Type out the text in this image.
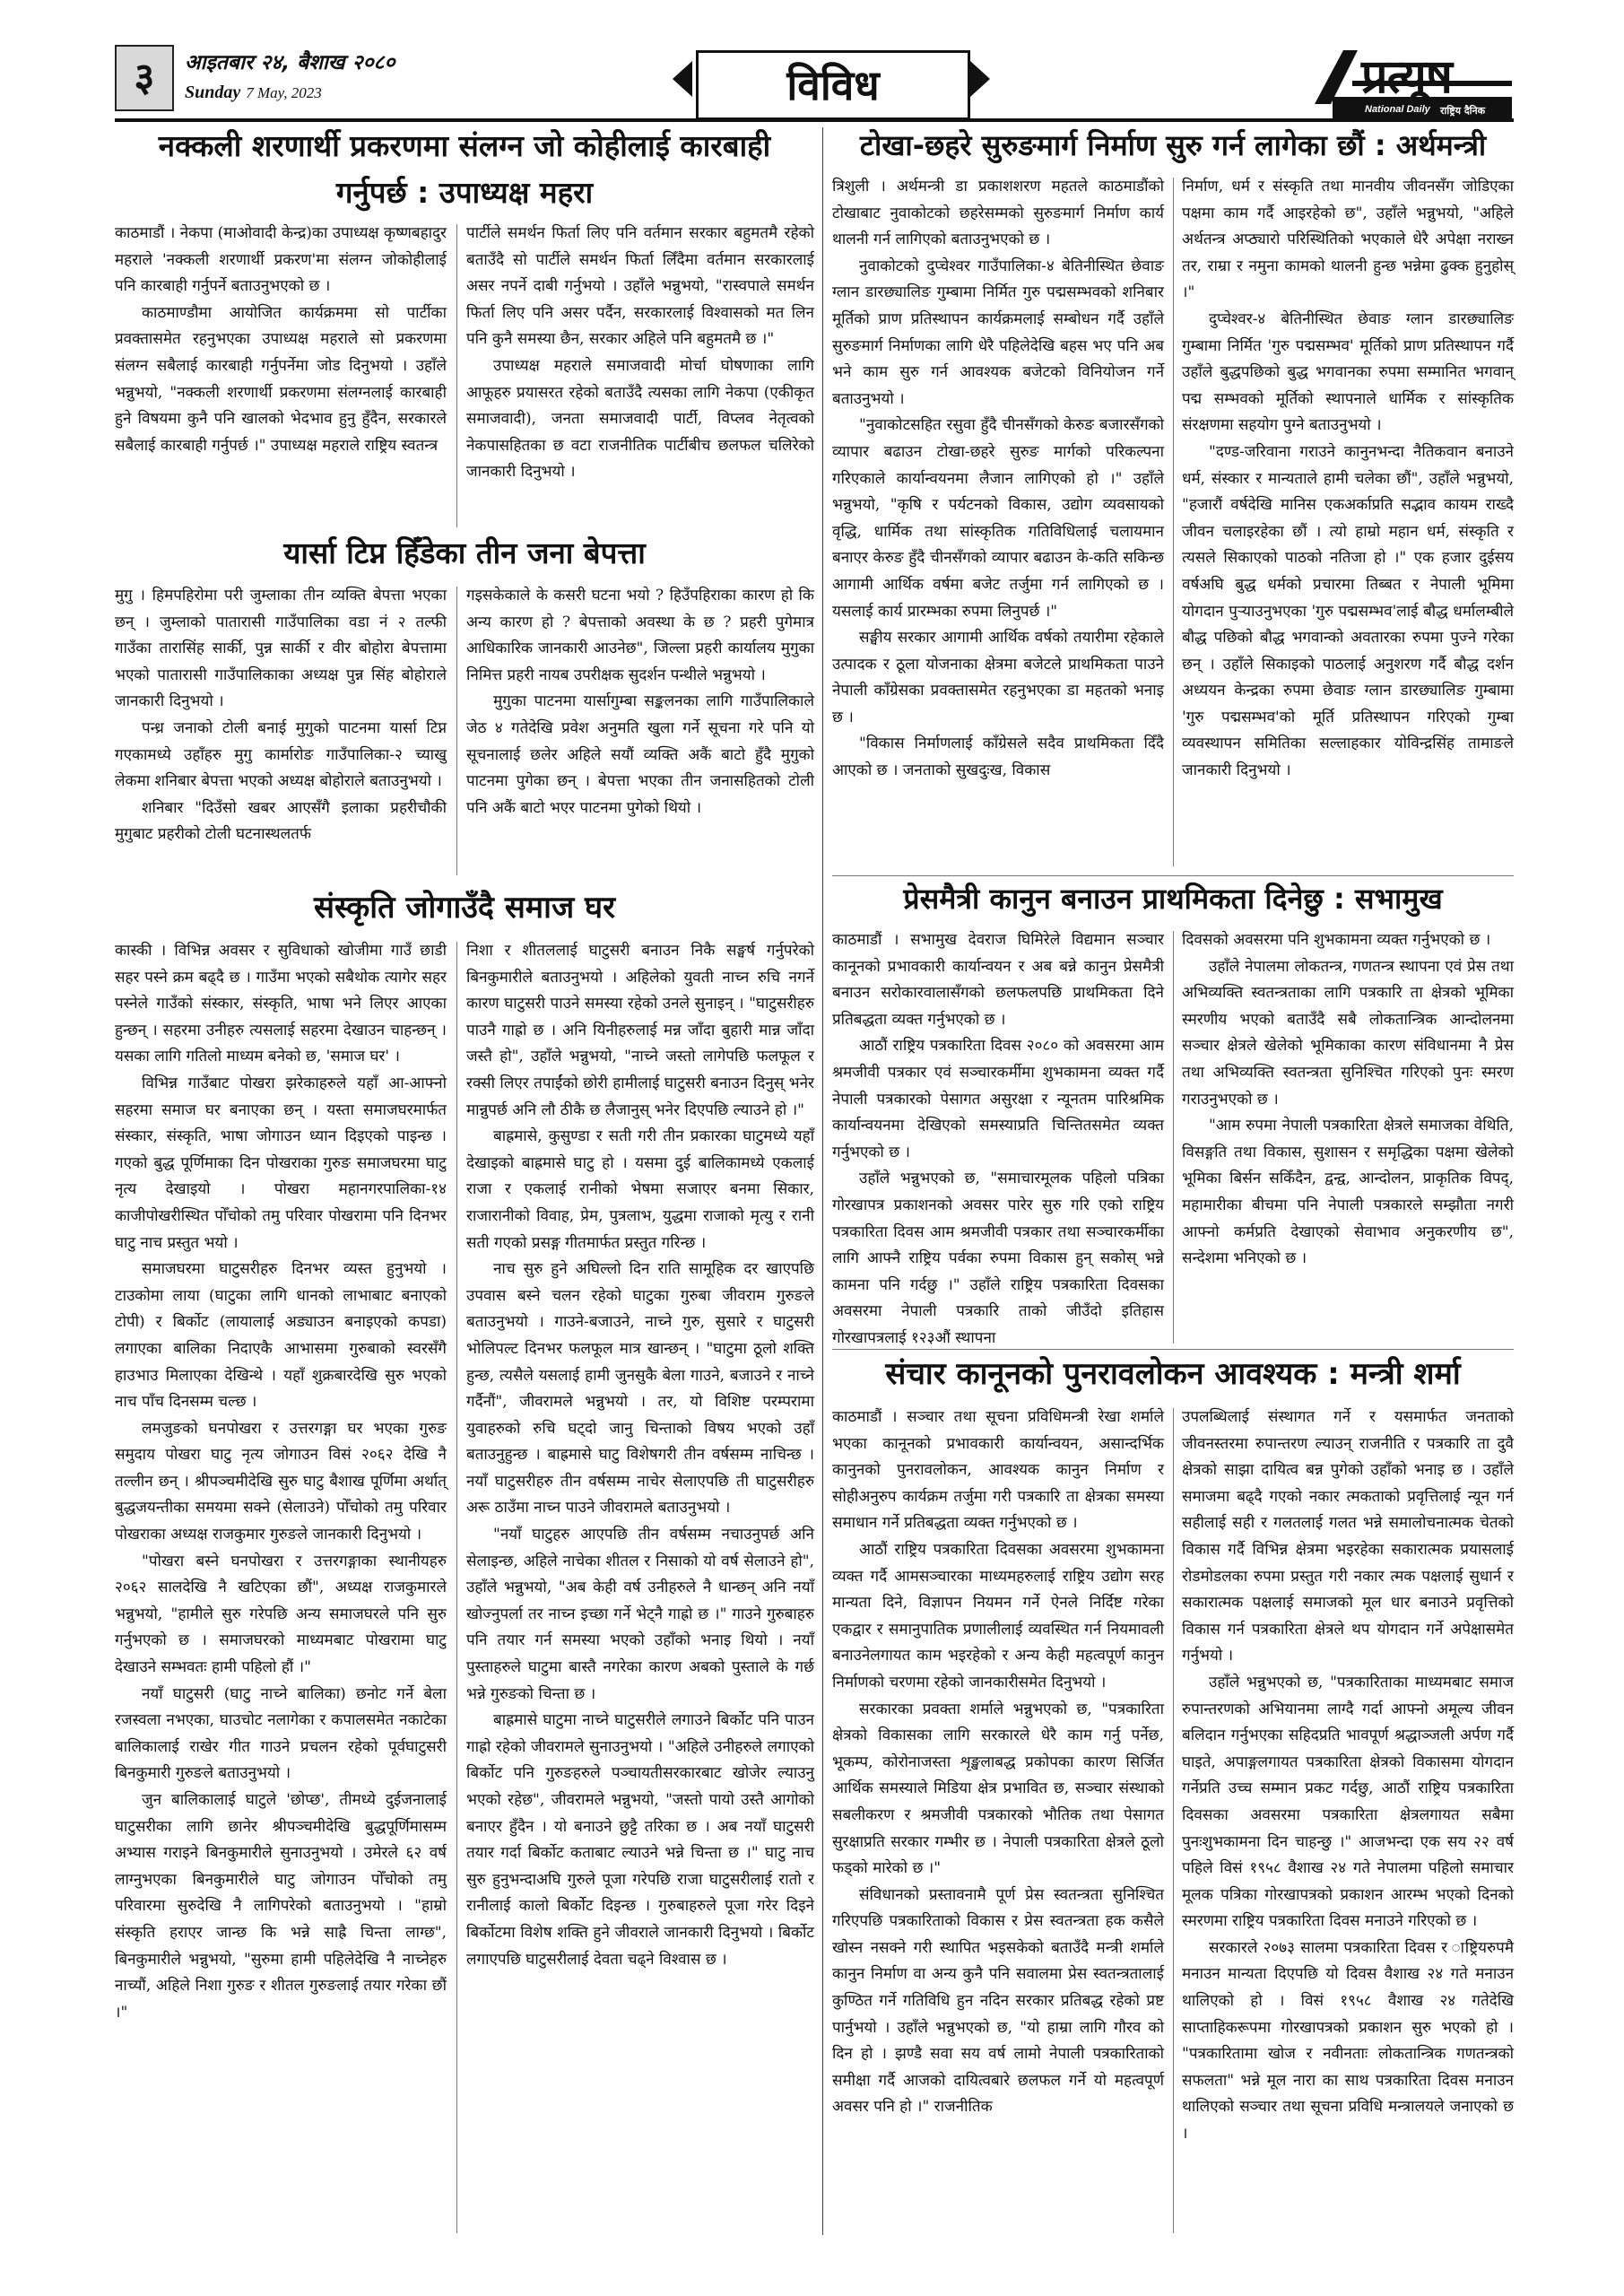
३	आइतबार २४, बैशाख २०८०
Sunday 7 May, 2023	विविध	प्रत्यूष
National Daily राष्ट्रिय दैनिक
नक्कली शरणार्थी प्रकरणमा संलग्न जो कोहीलाई कारबाही
गर्नुपर्छ : उपाध्यक्ष महरा

काठमाडौं । नेकपा (माओवादी केन्द्र)का उपाध्यक्ष कृष्णबहादुर महराले 'नक्कली शरणार्थी प्रकरण'मा संलग्न जोकोहीलाई पनि कारबाही गर्नुपर्ने बताउनुभएको छ ।

काठमाण्डौमा आयोजित कार्यक्रममा सो पार्टीका प्रवक्तासमेत रहनुभएका उपाध्यक्ष महराले सो प्रकरणमा संलग्न सबैलाई कारबाही गर्नुपर्नेमा जोड दिनुभयो । उहाँले भन्नुभयो, "नक्कली शरणार्थी प्रकरणमा संलग्नलाई कारबाही हुने विषयमा कुनै पनि खालको भेदभाव हुनु हुँदैन, सरकारले सबैलाई कारबाही गर्नुपर्छ ।" उपाध्यक्ष महराले राष्ट्रिय स्वतन्त्र

पार्टीले समर्थन फिर्ता लिए पनि वर्तमान सरकार बहुमतमै रहेको बताउँदै सो पार्टीले समर्थन फिर्ता लिँदैमा वर्तमान सरकारलाई असर नपर्ने दाबी गर्नुभयो । उहाँले भन्नुभयो, "रास्वपाले समर्थन फिर्ता लिए पनि असर पर्दैन, सरकारलाई विश्वासको मत लिन पनि कुनै समस्या छैन, सरकार अहिले पनि बहुमतमै छ ।"

उपाध्यक्ष महराले समाजवादी मोर्चा घोषणाका लागि आफूहरु प्रयासरत रहेको बताउँदै त्यसका लागि नेकपा (एकीकृत समाजवादी), जनता समाजवादी पार्टी, विप्लव नेतृत्वको नेकपासहितका छ वटा राजनीतिक पार्टीबीच छलफल चलिरेको जानकारी दिनुभयो ।

यार्सा टिप्न हिँडेका तीन जना बेपत्ता

मुगु । हिमपहिरोमा परी जुम्लाका तीन व्यक्ति बेपत्ता भएका छन् । जुम्लाको पातारासी गाउँपालिका वडा नं २ तल्फी गाउँका तारासिंह सार्की, पुन्न सार्की र वीर बोहोरा बेपत्तामा भएको पातारासी गाउँपालिकाका अध्यक्ष पुन्न सिंह बोहोराले जानकारी दिनुभयो ।

पन्ध्र जनाको टोली बनाई मुगुको पाटनमा यार्सा टिप्न गएकामध्ये उहाँहरु मुगु कार्मारोङ गाउँपालिका-२ च्याखु लेकमा शनिबार बेपत्ता भएको अध्यक्ष बोहोराले बताउनुभयो ।

शनिबार "दिउँसो खबर आएसँगै इलाका प्रहरीचौकी मुगुबाट प्रहरीको टोली घटनास्थलतर्फ

गइसकेकाले के कसरी घटना भयो ? हिउँपहिराका कारण हो कि अन्य कारण हो ? बेपत्ताको अवस्था के छ ? प्रहरी पुगेमात्र आधिकारिक जानकारी आउनेछ", जिल्ला प्रहरी कार्यालय मुगुका निमित्त प्रहरी नायब उपरीक्षक सुदर्शन पन्थीले भन्नुभयो ।

मुगुका पाटनमा यार्सागुम्बा सङ्कलनका लागि गाउँपालिकाले जेठ ४ गतेदेखि प्रवेश अनुमति खुला गर्ने सूचना गरे पनि यो सूचनालाई छलेर अहिले सयौं व्यक्ति अकैं बाटो हुँदै मुगुको पाटनमा पुगेका छन् । बेपत्ता भएका तीन जनासहितको टोली पनि अकैं बाटो भएर पाटनमा पुगेको थियो ।

संस्कृति जोगाउँदै समाज घर

कास्की । विभिन्न अवसर र सुविधाको खोजीमा गाउँ छाडी सहर पस्ने क्रम बढ्दै छ । गाउँमा भएको सबैथोक त्यागेर सहर पस्नेले गाउँको संस्कार, संस्कृति, भाषा भने लिएर आएका हुन्छन् । सहरमा उनीहरु त्यसलाई सहरमा देखाउन चाहन्छन् । यसका लागि गतिलो माध्यम बनेको छ, 'समाज घर' ।

विभिन्न गाउँबाट पोखरा झरेकाहरुले यहाँ आ-आफ्नो सहरमा समाज घर बनाएका छन् । यस्ता समाजघरमार्फत संस्कार, संस्कृति, भाषा जोगाउन ध्यान दिइएको पाइन्छ । गएको बुद्ध पूर्णिमाका दिन पोखराका गुरुङ समाजघरमा घाटु नृत्य देखाइयो । पोखरा महानगरपालिका-१४ काजीपोखरीस्थित पोँचोको तमु परिवार पोखरामा पनि दिनभर घाटु नाच प्रस्तुत भयो ।

समाजघरमा घाटुसरीहरु दिनभर व्यस्त हुनुभयो । टाउकोमा लाया (घाटुका लागि धानको लाभाबाट बनाएको टोपी) र बिर्कोट (लायालाई अड्याउन बनाइएको कपडा) लगाएका बालिका निदाएकै आभासमा गुरुबाको स्वरसँगै हाउभाउ मिलाएका देखिन्थे । यहाँ शुक्रबारदेखि सुरु भएको नाच पाँच दिनसम्म चल्छ ।

लमजुङको घनपोखरा र उत्तरगङ्गा घर भएका गुरुङ समुदाय पोखरा घाटु नृत्य जोगाउन विसं २०६२ देखि नै तल्लीन छन् । श्रीपञ्चमीदेखि सुरु घाटु बैशाख पूर्णिमा अर्थात् बुद्धजयन्तीका समयमा सक्ने (सेलाउने) पोँचोको तमु परिवार पोखराका अध्यक्ष राजकुमार गुरुङले जानकारी दिनुभयो ।

"पोखरा बस्ने घनपोखरा र उत्तरगङ्गाका स्थानीयहरु २०६२ सालदेखि नै खटिएका छौं", अध्यक्ष राजकुमारले भन्नुभयो, "हामीले सुरु गरेपछि अन्य समाजघरले पनि सुरु गर्नुभएको छ । समाजघरको माध्यमबाट पोखरामा घाटु देखाउने सम्भवतः हामी पहिलो हौं ।"

नयाँ घाटुसरी (घाटु नाच्ने बालिका) छनोट गर्ने बेला रजस्वला नभएका, घाउचोट नलागेका र कपालसमेत नकाटेका बालिकालाई राखेर गीत गाउने प्रचलन रहेको पूर्वघाटुसरी बिनकुमारी गुरुङले बताउनुभयो ।

जुन बालिकालाई घाटुले 'छोप्छ', तीमध्ये दुईजनालाई घाटुसरीका लागि छानेर श्रीपञ्चमीदेखि बुद्धपूर्णिमासम्म अभ्यास गराइने बिनकुमारीले सुनाउनुभयो । उमेरले ६२ वर्ष लाग्नुभएका बिनकुमारीले घाटु जोगाउन पोँचोको तमु परिवारमा सुरुदेखि नै लागिपरेको बताउनुभयो । "हाम्रो संस्कृति हराएर जान्छ कि भन्ने साह्रै चिन्ता लाग्छ", बिनकुमारीले भन्नुभयो, "सुरुमा हामी पहिलेदेखि नै नाच्नेहरु नाच्यौं, अहिले निशा गुरुङ र शीतल गुरुङलाई तयार गरेका छौं ।"

निशा र शीतललाई घाटुसरी बनाउन निकै सङ्घर्ष गर्नुपरेको बिनकुमारीले बताउनुभयो । अहिलेको युवती नाच्न रुचि नगर्ने कारण घाटुसरी पाउने समस्या रहेको उनले सुनाइन् । "घाटुसरीहरु पाउनै गाह्रो छ । अनि यिनीहरुलाई मन्न जाँदा बुहारी मान्न जाँदा जस्तै हो", उहाँले भन्नुभयो, "नाच्ने जस्तो लागेपछि फलफूल र रक्सी लिएर तपाईंको छोरी हामीलाई घाटुसरी बनाउन दिनुस् भनेर मान्नुपर्छ अनि लौ ठीकै छ लैजानुस् भनेर दिएपछि ल्याउने हो ।"

बाह्रमासे, कुसुण्डा र सती गरी तीन प्रकारका घाटुमध्ये यहाँ देखाइको बाह्रमासे घाटु हो । यसमा दुई बालिकामध्ये एकलाई राजा र एकलाई रानीको भेषमा सजाएर बनमा सिकार, राजारानीको विवाह, प्रेम, पुत्रलाभ, युद्धमा राजाको मृत्यु र रानी सती गएको प्रसङ्ग गीतमार्फत प्रस्तुत गरिन्छ ।

नाच सुरु हुने अघिल्लो दिन राति सामूहिक दर खाएपछि उपवास बस्ने चलन रहेको घाटुका गुरुबा जीवराम गुरुङले बताउनुभयो । गाउने-बजाउने, नाच्ने गुरु, सुसारे र घाटुसरी भोलिपल्ट दिनभर फलफूल मात्र खान्छन् । "घाटुमा ठूलो शक्ति हुन्छ, त्यसैले यसलाई हामी जुनसुकै बेला गाउने, बजाउने र नाच्ने गर्दैनौं", जीवरामले भन्नुभयो । तर, यो विशिष्ट परम्परामा युवाहरुको रुचि घट्दो जानु चिन्ताको विषय भएको उहाँ बताउनुहुन्छ । बाह्रमासे घाटु विशेषगरी तीन वर्षसम्म नाचिन्छ । नयाँ घाटुसरीहरु तीन वर्षसम्म नाचेर सेलाएपछि ती घाटुसरीहरु अरू ठाउँमा नाच्न पाउने जीवरामले बताउनुभयो ।

"नयाँ घाटुहरु आएपछि तीन वर्षसम्म नचाउनुपर्छ अनि सेलाइन्छ, अहिले नाचेका शीतल र निसाको यो वर्ष सेलाउने हो", उहाँले भन्नुभयो, "अब केही वर्ष उनीहरुले नै धान्छन् अनि नयाँ खोज्नुपर्ला तर नाच्न इच्छा गर्ने भेट्नै गाह्रो छ ।" गाउने गुरुबाहरु पनि तयार गर्न समस्या भएको उहाँको भनाइ थियो । नयाँ पुस्ताहरुले घाटुमा बास्तै नगरेका कारण अबको पुस्ताले के गर्छ भन्ने गुरुङको चिन्ता छ ।

बाह्रमासे घाटुमा नाच्ने घाटुसरीले लगाउने बिर्कोट पनि पाउन गाह्रो रहेको जीवरामले सुनाउनुभयो । "अहिले उनीहरुले लगाएको बिर्कोट पनि गुरुङहरुले पञ्चायतीसरकारबाट खोजेर ल्याउनु भएको रहेछ", जीवरामले भन्नुभयो, "जस्तो पायो उस्तै आगोको बनाएर हुँदैन । यो बनाउने छुट्टै तरिका छ । अब नयाँ घाटुसरी तयार गर्दा बिर्कोट कताबाट ल्याउने भन्ने चिन्ता छ ।" घाटु नाच सुरु हुनुभन्दाअघि गुरुले पूजा गरेपछि राजा घाटुसरीलाई रातो र रानीलाई कालो बिर्कोट दिइन्छ । गुरुबाहरुले पूजा गरेर दिइने बिर्कोटमा विशेष शक्ति हुने जीवराले जानकारी दिनुभयो । बिर्कोट लगाएपछि घाटुसरीलाई देवता चढ्ने विश्वास छ ।

टोखा-छहरे सुरुङमार्ग निर्माण सुरु गर्न लागेका छौं : अर्थमन्त्री

त्रिशुली । अर्थमन्त्री डा प्रकाशशरण महतले काठमाडौंको टोखाबाट नुवाकोटको छहरेसम्मको सुरुङमार्ग निर्माण कार्य थालनी गर्न लागिएको बताउनुभएको छ ।

नुवाकोटको दुप्चेश्वर गाउँपालिका-४ बेतिनीस्थित छेवाङ ग्लान डारछ्यालिङ गुम्बामा निर्मित गुरु पद्मसम्भवको शनिबार मूर्तिको प्राण प्रतिस्थापन कार्यक्रमलाई सम्बोधन गर्दै उहाँले सुरुङमार्ग निर्माणका लागि धेरै पहिलेदेखि बहस भए पनि अब भने काम सुरु गर्न आवश्यक बजेटको विनियोजन गर्ने बताउनुभयो ।

"नुवाकोटसहित रसुवा हुँदै चीनसँगको केरुङ बजारसँगको व्यापार बढाउन टोखा-छहरे सुरुङ मार्गको परिकल्पना गरिएकाले कार्यान्वयनमा लैजान लागिएको हो ।" उहाँले भन्नुभयो, "कृषि र पर्यटनको विकास, उद्योग व्यवसायको वृद्धि, धार्मिक तथा सांस्कृतिक गतिविधिलाई चलायमान बनाएर केरुङ हुँदै चीनसँगको व्यापार बढाउन के-कति सकिन्छ आगामी आर्थिक वर्षमा बजेट तर्जुमा गर्न लागिएको छ । यसलाई कार्य प्रारम्भका रुपमा लिनुपर्छ ।"

सङ्घीय सरकार आगामी आर्थिक वर्षको तयारीमा रहेकाले उत्पादक र ठूला योजनाका क्षेत्रमा बजेटले प्राथमिकता पाउने नेपाली काँग्रेसका प्रवक्तासमेत रहनुभएका डा महतको भनाइ छ ।

"विकास निर्माणलाई काँग्रेसले सदैव प्राथमिकता दिँदै आएको छ । जनताको सुखदुःख, विकास

निर्माण, धर्म र संस्कृति तथा मानवीय जीवनसँग जोडिएका पक्षमा काम गर्दै आइरहेको छ", उहाँले भन्नुभयो, "अहिले अर्थतन्त्र अप्ठ्यारो परिस्थितिको भएकाले धेरै अपेक्षा नराख्न तर, राम्रा र नमुना कामको थालनी हुन्छ भन्नेमा ढुक्क हुनुहोस् ।"

दुप्चेश्वर-४ बेतिनीस्थित छेवाङ ग्लान डारछ्यालिङ गुम्बामा निर्मित 'गुरु पद्मसम्भव' मूर्तिको प्राण प्रतिस्थापन गर्दै उहाँले बुद्धपछिको बुद्ध भगवानका रुपमा सम्मानित भगवान् पद्म सम्भवको मूर्तिको स्थापनाले धार्मिक र सांस्कृतिक संरक्षणमा सहयोग पुग्ने बताउनुभयो ।

"दण्ड-जरिवाना गराउने कानुनभन्दा नैतिकवान बनाउने धर्म, संस्कार र मान्यताले हामी चलेका छौं", उहाँले भन्नुभयो, "हजारौं वर्षदेखि मानिस एकअर्काप्रति सद्भाव कायम राख्दै जीवन चलाइरहेका छौं । त्यो हाम्रो महान धर्म, संस्कृति र त्यसले सिकाएको पाठको नतिजा हो ।" एक हजार दुईसय वर्षअघि बुद्ध धर्मको प्रचारमा तिब्बत र नेपाली भूमिमा योगदान पुऱ्याउनुभएका 'गुरु पद्मसम्भव'लाई बौद्ध धर्मालम्बीले बौद्ध पछिको बौद्ध भगवान्को अवतारका रुपमा पुज्ने गरेका छन् । उहाँले सिकाइको पाठलाई अनुशरण गर्दै बौद्ध दर्शन अध्ययन केन्द्रका रुपमा छेवाङ ग्लान डारछ्यालिङ गुम्बामा 'गुरु पद्मसम्भव'को मूर्ति प्रतिस्थापन गरिएको गुम्बा व्यवस्थापन समितिका सल्लाहकार योविन्द्रसिंह तामाङले जानकारी दिनुभयो ।

प्रेसमैत्री कानुन बनाउन प्राथमिकता दिनेछु : सभामुख

काठमाडौं । सभामुख देवराज घिमिरेले विद्यमान सञ्चार कानूनको प्रभावकारी कार्यान्वयन र अब बन्ने कानुन प्रेसमैत्री बनाउन सरोकारवालासँगको छलफलपछि प्राथमिकता दिने प्रतिबद्धता व्यक्त गर्नुभएको छ ।

आठौं राष्ट्रिय पत्रकारिता दिवस २०८० को अवसरमा आम श्रमजीवी पत्रकार एवं सञ्चारकर्मीमा शुभकामना व्यक्त गर्दै नेपाली पत्रकारको पेसागत असुरक्षा र न्यूनतम पारिश्रमिक कार्यान्वयनमा देखिएको समस्याप्रति चिन्तितसमेत व्यक्त गर्नुभएको छ ।

उहाँले भन्नुभएको छ, "समाचारमूलक पहिलो पत्रिका गोरखापत्र प्रकाशनको अवसर पारेर सुरु गरि एको राष्ट्रिय पत्रकारिता दिवस आम श्रमजीवी पत्रकार तथा सञ्चारकर्मीका लागि आफ्नै राष्ट्रिय पर्वका रुपमा विकास हुन् सकोस् भन्ने कामना पनि गर्दछु ।" उहाँले राष्ट्रिय पत्रकारिता दिवसका अवसरमा नेपाली पत्रकारि ताको जीउँदो इतिहास गोरखापत्रलाई १२३औं स्थापना

दिवसको अवसरमा पनि शुभकामना व्यक्त गर्नुभएको छ ।

उहाँले नेपालमा लोकतन्त्र, गणतन्त्र स्थापना एवं प्रेस तथा अभिव्यक्ति स्वतन्त्रताका लागि पत्रकारि ता क्षेत्रको भूमिका स्मरणीय भएको बताउँदै सबै लोकतान्त्रिक आन्दोलनमा सञ्चार क्षेत्रले खेलेको भूमिकाका कारण संविधानमा नै प्रेस तथा अभिव्यक्ति स्वतन्त्रता सुनिश्चित गरिएको पुनः स्मरण गराउनुभएको छ ।

"आम रुपमा नेपाली पत्रकारिता क्षेत्रले समाजका वेथिति, विसङ्गति तथा विकास, सुशासन र समृद्धिका पक्षमा खेलेको भूमिका बिर्सन सकिँदैन, द्वन्द्व, आन्दोलन, प्राकृतिक विपद्, महामारीका बीचमा पनि नेपाली पत्रकारले सम्झौता नगरी आफ्नो कर्मप्रति देखाएको सेवाभाव अनुकरणीय छ", सन्देशमा भनिएको छ ।

संचार कानूनको पुनरावलोकन आवश्यक : मन्त्री शर्मा

काठमाडौं । सञ्चार तथा सूचना प्रविधिमन्त्री रेखा शर्माले भएका कानूनको प्रभावकारी कार्यान्वयन, असान्दर्भिक कानुनको पुनरावलोकन, आवश्यक कानुन निर्माण र सोहीअनुरुप कार्यक्रम तर्जुमा गरी पत्रकारि ता क्षेत्रका समस्या समाधान गर्ने प्रतिबद्धता व्यक्त गर्नुभएको छ ।

आठौं राष्ट्रिय पत्रकारिता दिवसका अवसरमा शुभकामना व्यक्त गर्दै आमसञ्चारका माध्यमहरुलाई राष्ट्रिय उद्योग सरह मान्यता दिने, विज्ञापन नियमन गर्ने ऐनले निर्दिष्ट गरेका एकद्वार र समानुपातिक प्रणालीलाई व्यवस्थित गर्न नियमावली बनाउनेलगायत काम भइरहेको र अन्य केही महत्वपूर्ण कानुन निर्माणको चरणमा रहेको जानकारीसमेत दिनुभयो ।

सरकारका प्रवक्ता शर्माले भन्नुभएको छ, "पत्रकारिता क्षेत्रको विकासका लागि सरकारले धेरै काम गर्नु पर्नेछ, भूकम्प, कोरोनाजस्ता शृङ्खलाबद्ध प्रकोपका कारण सिर्जित आर्थिक समस्याले मिडिया क्षेत्र प्रभावित छ, सञ्चार संस्थाको सबलीकरण र श्रमजीवी पत्रकारको भौतिक तथा पेसागत सुरक्षाप्रति सरकार गम्भीर छ । नेपाली पत्रकारिता क्षेत्रले ठूलो फड्को मारेको छ ।"

संविधानको प्रस्तावनामै पूर्ण प्रेस स्वतन्त्रता सुनिश्चित गरिएपछि पत्रकारिताको विकास र प्रेस स्वतन्त्रता हक कसैले खोस्न नसक्ने गरी स्थापित भइसकेको बताउँदै मन्त्री शर्माले कानुन निर्माण वा अन्य कुनै पनि सवालमा प्रेस स्वतन्त्रतालाई कुण्ठित गर्ने गतिविधि हुन नदिन सरकार प्रतिबद्ध रहेको प्रष्ट पार्नुभयो । उहाँले भन्नुभएको छ, "यो हाम्रा लागि गौरव को दिन हो । झण्डै सवा सय वर्ष लामो नेपाली पत्रकारिताको समीक्षा गर्दै आजको दायित्वबारे छलफल गर्ने यो महत्वपूर्ण अवसर पनि हो ।" राजनीतिक

उपलब्धिलाई संस्थागत गर्ने र यसमार्फत जनताको जीवनस्तरमा रुपान्तरण ल्याउन् राजनीति र पत्रकारि ता दुवै क्षेत्रको साझा दायित्व बन्न पुगेको उहाँको भनाइ छ । उहाँले समाजमा बढ्दै गएको नकार त्मकताको प्रवृत्तिलाई न्यून गर्न सहीलाई सही र गलतलाई गलत भन्ने समालोचनात्मक चेतको विकास गर्दै विभिन्न क्षेत्रमा भइरहेका सकारात्मक प्रयासलाई रोडमोडलका रुपमा प्रस्तुत गरी नकार त्मक पक्षलाई सुधार्न र सकारात्मक पक्षलाई समाजको मूल धार बनाउने प्रवृत्तिको विकास गर्न पत्रकारिता क्षेत्रले थप योगदान गर्ने अपेक्षासमेत गर्नुभयो ।

उहाँले भन्नुभएको छ, "पत्रकारिताका माध्यमबाट समाज रुपान्तरणको अभियानमा लाग्दै गर्दा आफ्नो अमूल्य जीवन बलिदान गर्नुभएका सहिदप्रति भावपूर्ण श्रद्धाञ्जली अर्पण गर्दै घाइते, अपाङ्गलगायत पत्रकारिता क्षेत्रको विकासमा योगदान गर्नेप्रति उच्च सम्मान प्रकट गर्दछु, आठौं राष्ट्रिय पत्रकारिता दिवसका अवसरमा पत्रकारिता क्षेत्रलगायत सबैमा पुनःशुभकामना दिन चाहन्छु ।" आजभन्दा एक सय २२ वर्ष पहिले विसं १९५८ वैशाख २४ गते नेपालमा पहिलो समाचार मूलक पत्रिका गोरखापत्रको प्रकाशन आरम्भ भएको दिनको स्मरणमा राष्ट्रिय पत्रकारिता दिवस मनाउने गरिएको छ ।

सरकारले २०७३ सालमा पत्रकारिता दिवस र ाष्ट्रियरुपमै मनाउन मान्यता दिएपछि यो दिवस वैशाख २४ गते मनाउन थालिएको हो । विसं १९५८ वैशाख २४ गतेदेखि साप्ताहिकरूपमा गोरखापत्रको प्रकाशन सुरु भएको हो । "पत्रकारितामा खोज र नवीनताः लोकतान्त्रिक गणतन्त्रको सफलता" भन्ने मूल नारा का साथ पत्रकारिता दिवस मनाउन थालिएको सञ्चार तथा सूचना प्रविधि मन्त्रालयले जनाएको छ ।
